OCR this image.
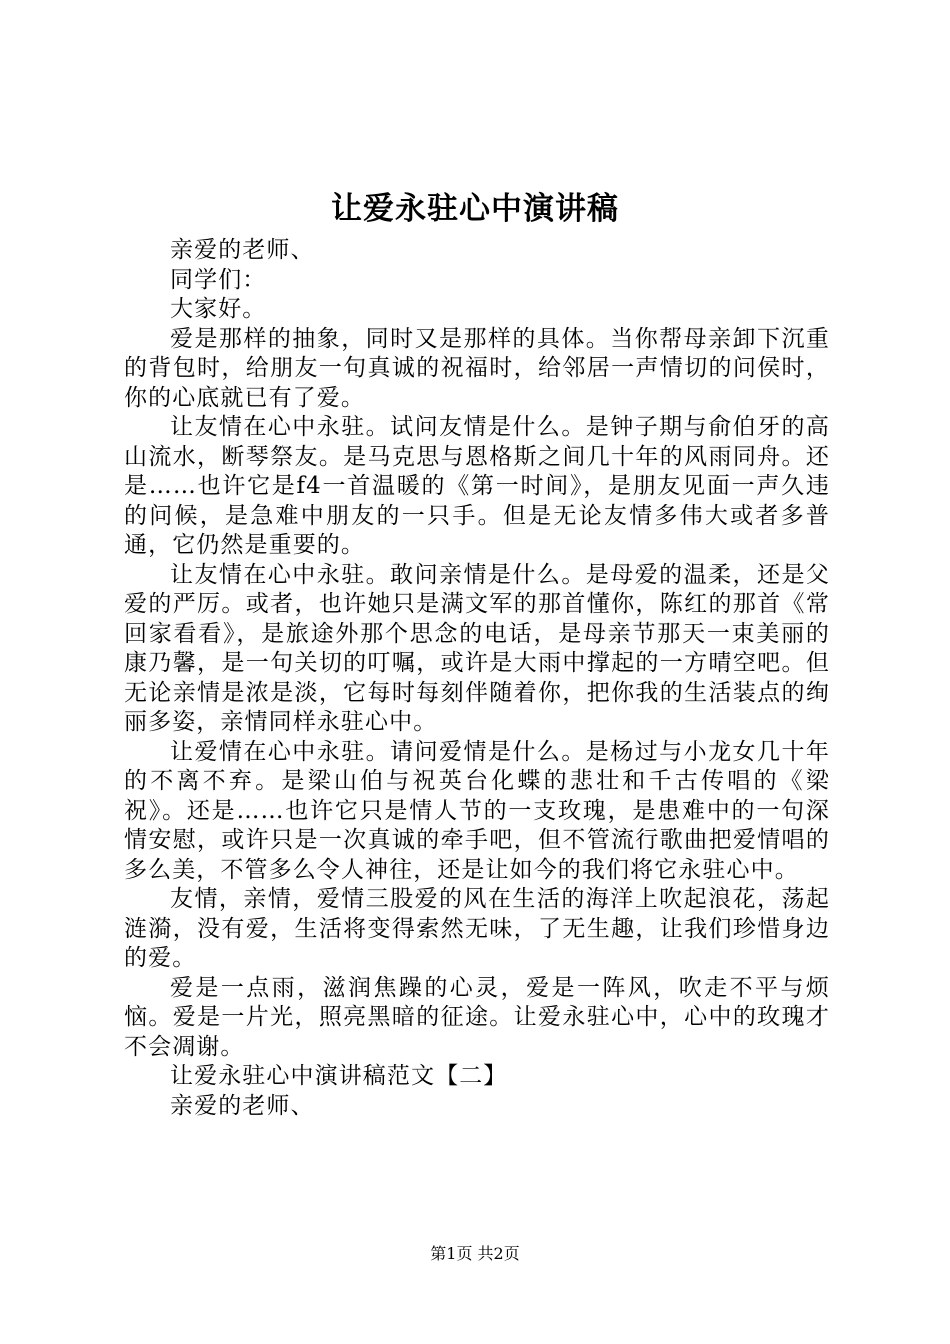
让爱永驻心中演讲稿

亲爱的老师、

同学们：

大家好。

爱是那样的抽象，同时又是那样的具体。当你帮母亲卸下沉重的背包时，给朋友一句真诚的祝福时，给邻居一声情切的问侯时，你的心底就已有了爱。

让友情在心中永驻。试问友情是什么。是钟子期与俞伯牙的高山流水，断琴祭友。是马克思与恩格斯之间几十年的风雨同舟。还是……也许它是f4一首温暖的《第一时间》，是朋友见面一声久违的问候，是急难中朋友的一只手。但是无论友情多伟大或者多普通，它仍然是重要的。

让友情在心中永驻。敢问亲情是什么。是母爱的温柔，还是父爱的严厉。或者，也许她只是满文军的那首懂你，陈红的那首《常回家看看》，是旅途外那个思念的电话，是母亲节那天一束美丽的康乃馨，是一句关切的叮嘱，或许是大雨中撑起的一方晴空吧。但无论亲情是浓是淡，它每时每刻伴随着你，把你我的生活装点的绚丽多姿，亲情同样永驻心中。

让爱情在心中永驻。请问爱情是什么。是杨过与小龙女几十年的不离不弃。是梁山伯与祝英台化蝶的悲壮和千古传唱的《梁祝》。还是……也许它只是情人节的一支玫瑰，是患难中的一句深情安慰，或许只是一次真诚的牵手吧，但不管流行歌曲把爱情唱的多么美，不管多么令人神往，还是让如今的我们将它永驻心中。

友情，亲情，爱情三股爱的风在生活的海洋上吹起浪花，荡起涟漪，没有爱，生活将变得索然无味，了无生趣，让我们珍惜身边的爱。

爱是一点雨，滋润焦躁的心灵，爱是一阵风，吹走不平与烦恼。爱是一片光，照亮黑暗的征途。让爱永驻心中，心中的玫瑰才不会凋谢。

让爱永驻心中演讲稿范文【二】

亲爱的老师、

第1页 共2页
